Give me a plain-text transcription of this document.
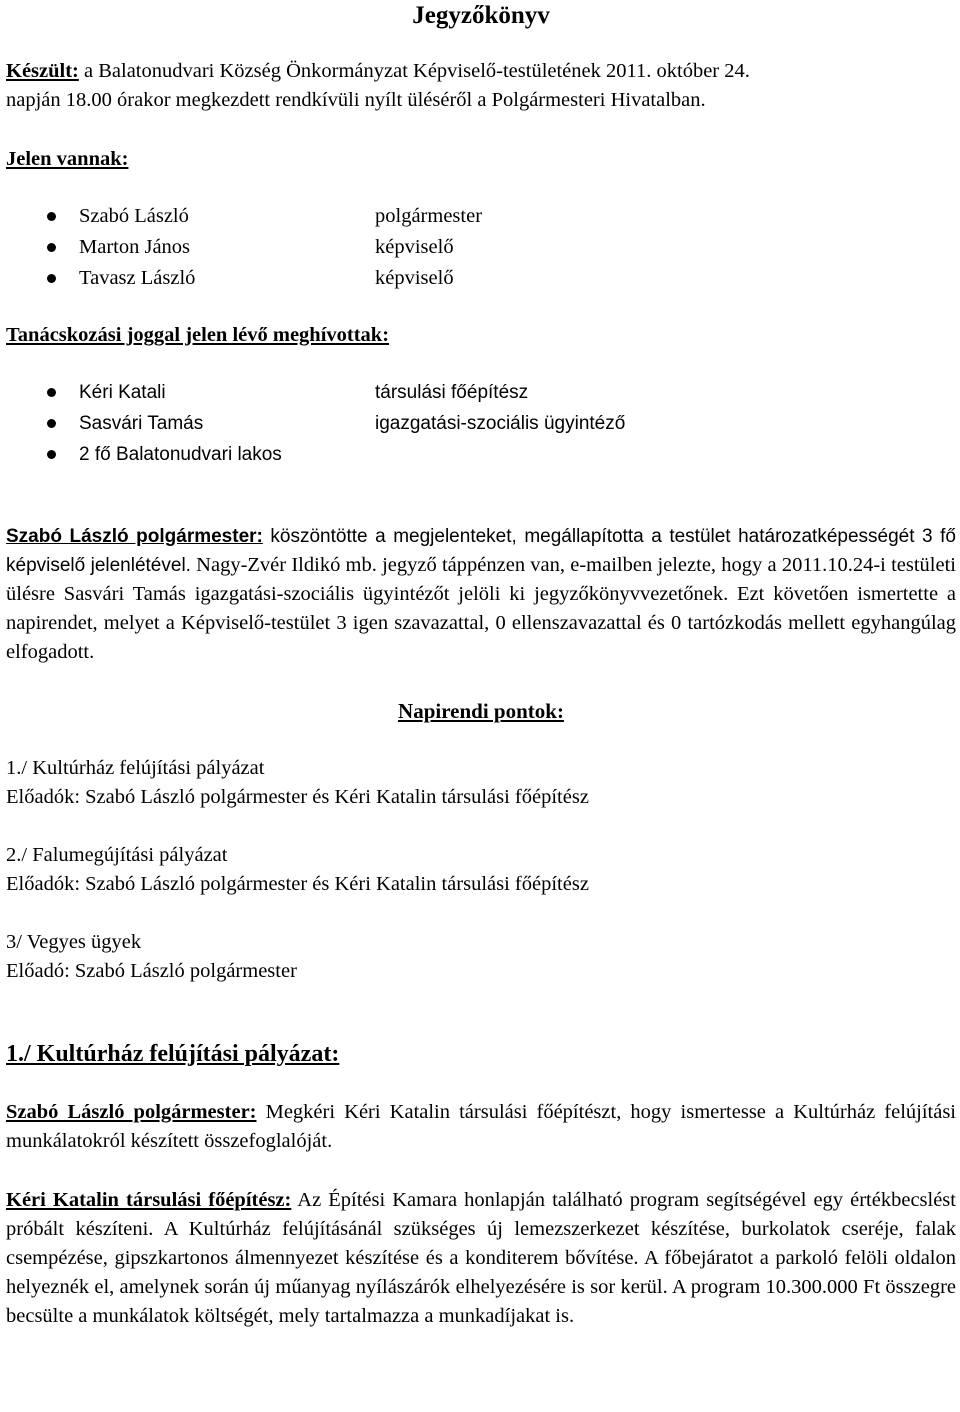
Jegyzőkönyv

Készült: a Balatonudvari Község Önkormányzat Képviselő-testületének 2011. október 24.
napján 18.00 órakor megkezdett rendkívüli nyílt üléséről a Polgármesteri Hivatalban.

Jelen vannak:

Szabó László	polgármester
Marton János	képviselő
Tavasz László	képviselő

Tanácskozási joggal jelen lévő meghívottak:

Kéri Katali	társulási főépítész
Sasvári Tamás	igazgatási-szociális ügyintéző
2 fő Balatonudvari lakos

Szabó László polgármester: köszöntötte a megjelenteket, megállapította a testület határozatképességét 3 fő képviselő jelenlétével. Nagy-Zvér Ildikó mb. jegyző táppénzen van, e-mailben jelezte, hogy a 2011.10.24-i testületi ülésre Sasvári Tamás igazgatási-szociális ügyintézőt jelöli ki jegyzőkönyvvezetőnek. Ezt követően ismertette a napirendet, melyet a Képviselő-testület 3 igen szavazattal, 0 ellenszavazattal és 0 tartózkodás mellett egyhangúlag elfogadott.

Napirendi pontok:

1./ Kultúrház felújítási pályázat
Előadók: Szabó László polgármester és Kéri Katalin társulási főépítész
2./ Falumegújítási pályázat
Előadók: Szabó László polgármester és Kéri Katalin társulási főépítész
3/ Vegyes ügyek
Előadó: Szabó László polgármester

1./ Kultúrház felújítási pályázat:

Szabó László polgármester: Megkéri Kéri Katalin társulási főépítészt, hogy ismertesse a Kultúrház felújítási munkálatokról készített összefoglalóját.

Kéri Katalin társulási főépítész: Az Építési Kamara honlapján található program segítségével egy értékbecslést próbált készíteni. A Kultúrház felújításánál szükséges új lemezszerkezet készítése, burkolatok cseréje, falak csempézése, gipszkartonos álmennyezet készítése és a konditerem bővítése. A főbejáratot a parkoló felöli oldalon helyeznék el, amelynek során új műanyag nyílászárók elhelyezésére is sor kerül. A program 10.300.000 Ft összegre becsülte a munkálatok költségét, mely tartalmazza a munkadíjakat is.
